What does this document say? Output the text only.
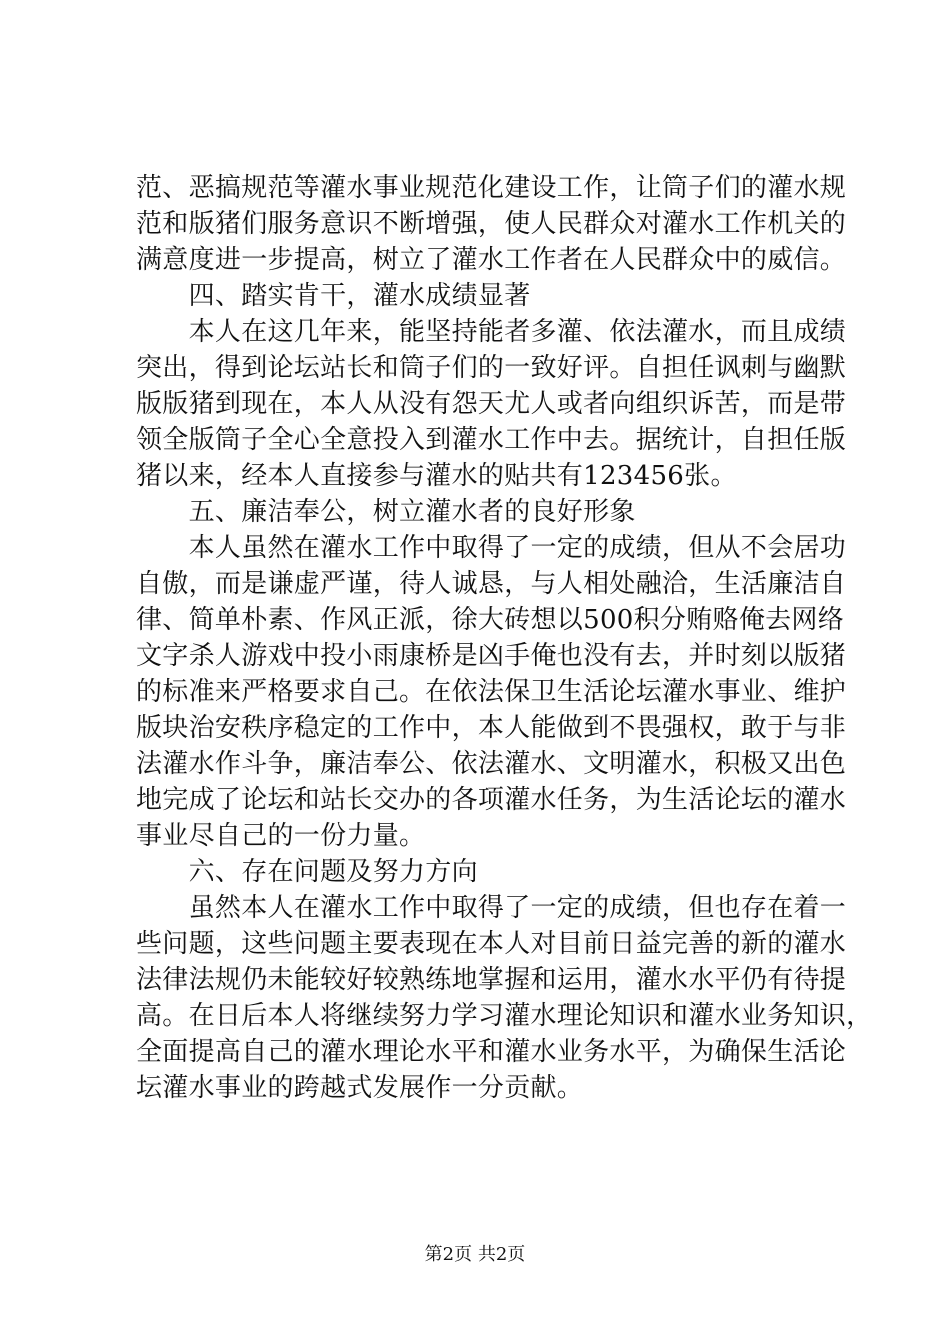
范、恶搞规范等灌水事业规范化建设工作，让筒子们的灌水规
范和版猪们服务意识不断增强，使人民群众对灌水工作机关的
满意度进一步提高，树立了灌水工作者在人民群众中的威信。
　　四、踏实肯干，灌水成绩显著
　　本人在这几年来，能坚持能者多灌、依法灌水，而且成绩
突出，得到论坛站长和筒子们的一致好评。自担任讽刺与幽默
版版猪到现在，本人从没有怨天尤人或者向组织诉苦，而是带
领全版筒子全心全意投入到灌水工作中去。据统计，自担任版
猪以来，经本人直接参与灌水的贴共有123456张。
　　五、廉洁奉公，树立灌水者的良好形象
　　本人虽然在灌水工作中取得了一定的成绩，但从不会居功
自傲，而是谦虚严谨，待人诚恳，与人相处融洽，生活廉洁自
律、简单朴素、作风正派，徐大砖想以500积分贿赂俺去网络
文字杀人游戏中投小雨康桥是凶手俺也没有去，并时刻以版猪
的标准来严格要求自己。在依法保卫生活论坛灌水事业、维护
版块治安秩序稳定的工作中，本人能做到不畏强权，敢于与非
法灌水作斗争，廉洁奉公、依法灌水、文明灌水，积极又出色
地完成了论坛和站长交办的各项灌水任务，为生活论坛的灌水
事业尽自己的一份力量。
　　六、存在问题及努力方向
　　虽然本人在灌水工作中取得了一定的成绩，但也存在着一
些问题，这些问题主要表现在本人对目前日益完善的新的灌水
法律法规仍未能较好较熟练地掌握和运用，灌水水平仍有待提
高。在日后本人将继续努力学习灌水理论知识和灌水业务知识，
全面提高自己的灌水理论水平和灌水业务水平，为确保生活论
坛灌水事业的跨越式发展作一分贡献。
第2页 共2页
